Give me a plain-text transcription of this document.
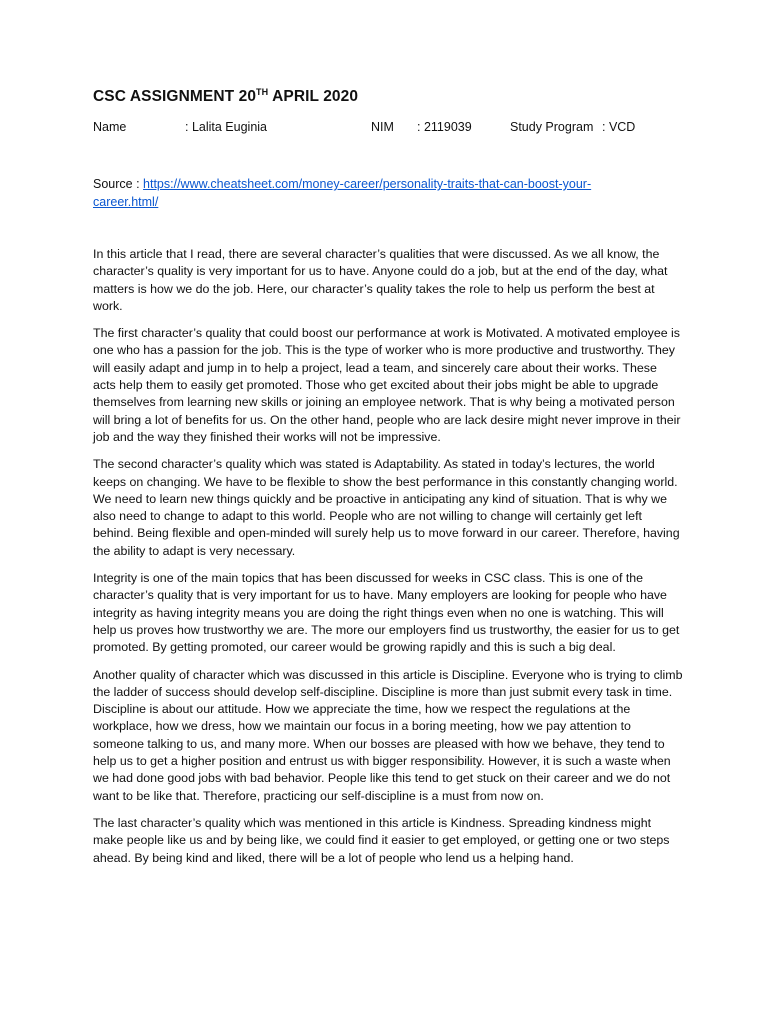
CSC ASSIGNMENT 20TH APRIL 2020
Name	: Lalita Euginia	NIM : 2119039	Study Program : VCD
Source : https://www.cheatsheet.com/money-career/personality-traits-that-can-boost-your-career.html/

In this article that I read, there are several character’s qualities that were discussed. As we all know, the character’s quality is very important for us to have. Anyone could do a job, but at the end of the day, what matters is how we do the job. Here, our character’s quality takes the role to help us perform the best at work.

The first character’s quality that could boost our performance at work is Motivated. A motivated employee is one who has a passion for the job. This is the type of worker who is more productive and trustworthy. They will easily adapt and jump in to help a project, lead a team, and sincerely care about their works. These acts help them to easily get promoted. Those who get excited about their jobs might be able to upgrade themselves from learning new skills or joining an employee network. That is why being a motivated person will bring a lot of benefits for us. On the other hand, people who are lack desire might never improve in their job and the way they finished their works will not be impressive.

The second character’s quality which was stated is Adaptability. As stated in today’s lectures, the world keeps on changing. We have to be flexible to show the best performance in this constantly changing world. We need to learn new things quickly and be proactive in anticipating any kind of situation. That is why we also need to change to adapt to this world. People who are not willing to change will certainly get left behind. Being flexible and open-minded will surely help us to move forward in our career. Therefore, having the ability to adapt is very necessary.

Integrity is one of the main topics that has been discussed for weeks in CSC class. This is one of the character’s quality that is very important for us to have. Many employers are looking for people who have integrity as having integrity means you are doing the right things even when no one is watching. This will help us proves how trustworthy we are. The more our employers find us trustworthy, the easier for us to get promoted. By getting promoted, our career would be growing rapidly and this is such a big deal.

Another quality of character which was discussed in this article is Discipline. Everyone who is trying to climb the ladder of success should develop self-discipline. Discipline is more than just submit every task in time. Discipline is about our attitude. How we appreciate the time, how we respect the regulations at the workplace, how we dress, how we maintain our focus in a boring meeting, how we pay attention to someone talking to us, and many more. When our bosses are pleased with how we behave, they tend to help us to get a higher position and entrust us with bigger responsibility. However, it is such a waste when we had done good jobs with bad behavior. People like this tend to get stuck on their career and we do not want to be like that. Therefore, practicing our self-discipline is a must from now on.

The last character’s quality which was mentioned in this article is Kindness. Spreading kindness might make people like us and by being like, we could find it easier to get employed, or getting one or two steps ahead. By being kind and liked, there will be a lot of people who lend us a helping hand.
